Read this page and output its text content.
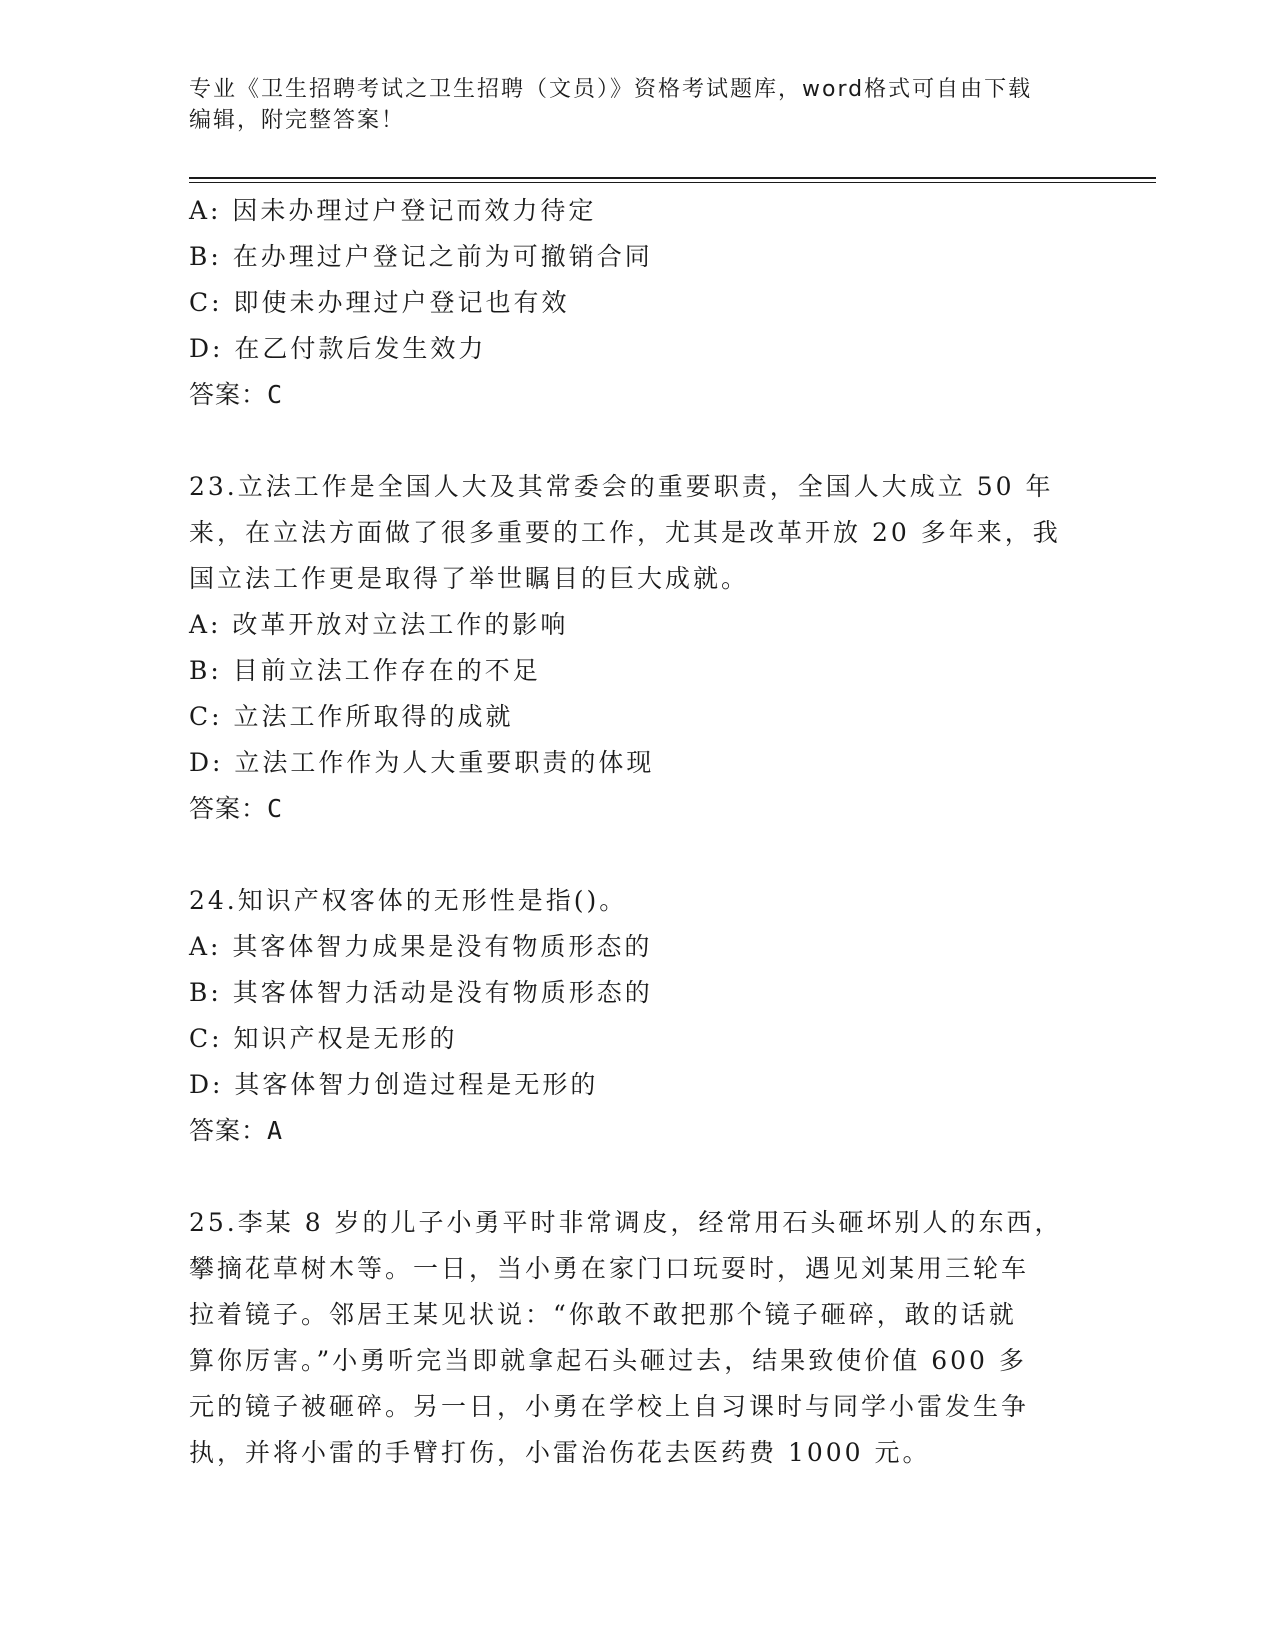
专业《卫生招聘考试之卫生招聘（文员）》资格考试题库，word格式可自由下载
编辑，附完整答案！
A: 因未办理过户登记而效力待定
B: 在办理过户登记之前为可撤销合同
C: 即使未办理过户登记也有效
D: 在乙付款后发生效力
答案：C
23.立法工作是全国人大及其常委会的重要职责，全国人大成立 50 年
来，在立法方面做了很多重要的工作，尤其是改革开放 20 多年来，我
国立法工作更是取得了举世瞩目的巨大成就。
A: 改革开放对立法工作的影响
B: 目前立法工作存在的不足
C: 立法工作所取得的成就
D: 立法工作作为人大重要职责的体现
答案：C
24.知识产权客体的无形性是指()。
A: 其客体智力成果是没有物质形态的
B: 其客体智力活动是没有物质形态的
C: 知识产权是无形的
D: 其客体智力创造过程是无形的
答案：A
25.李某 8 岁的儿子小勇平时非常调皮，经常用石头砸坏别人的东西，
攀摘花草树木等。一日，当小勇在家门口玩耍时，遇见刘某用三轮车
拉着镜子。邻居王某见状说：“你敢不敢把那个镜子砸碎，敢的话就
算你厉害。”小勇听完当即就拿起石头砸过去，结果致使价值 600 多
元的镜子被砸碎。另一日，小勇在学校上自习课时与同学小雷发生争
执，并将小雷的手臂打伤，小雷治伤花去医药费 1000 元。
